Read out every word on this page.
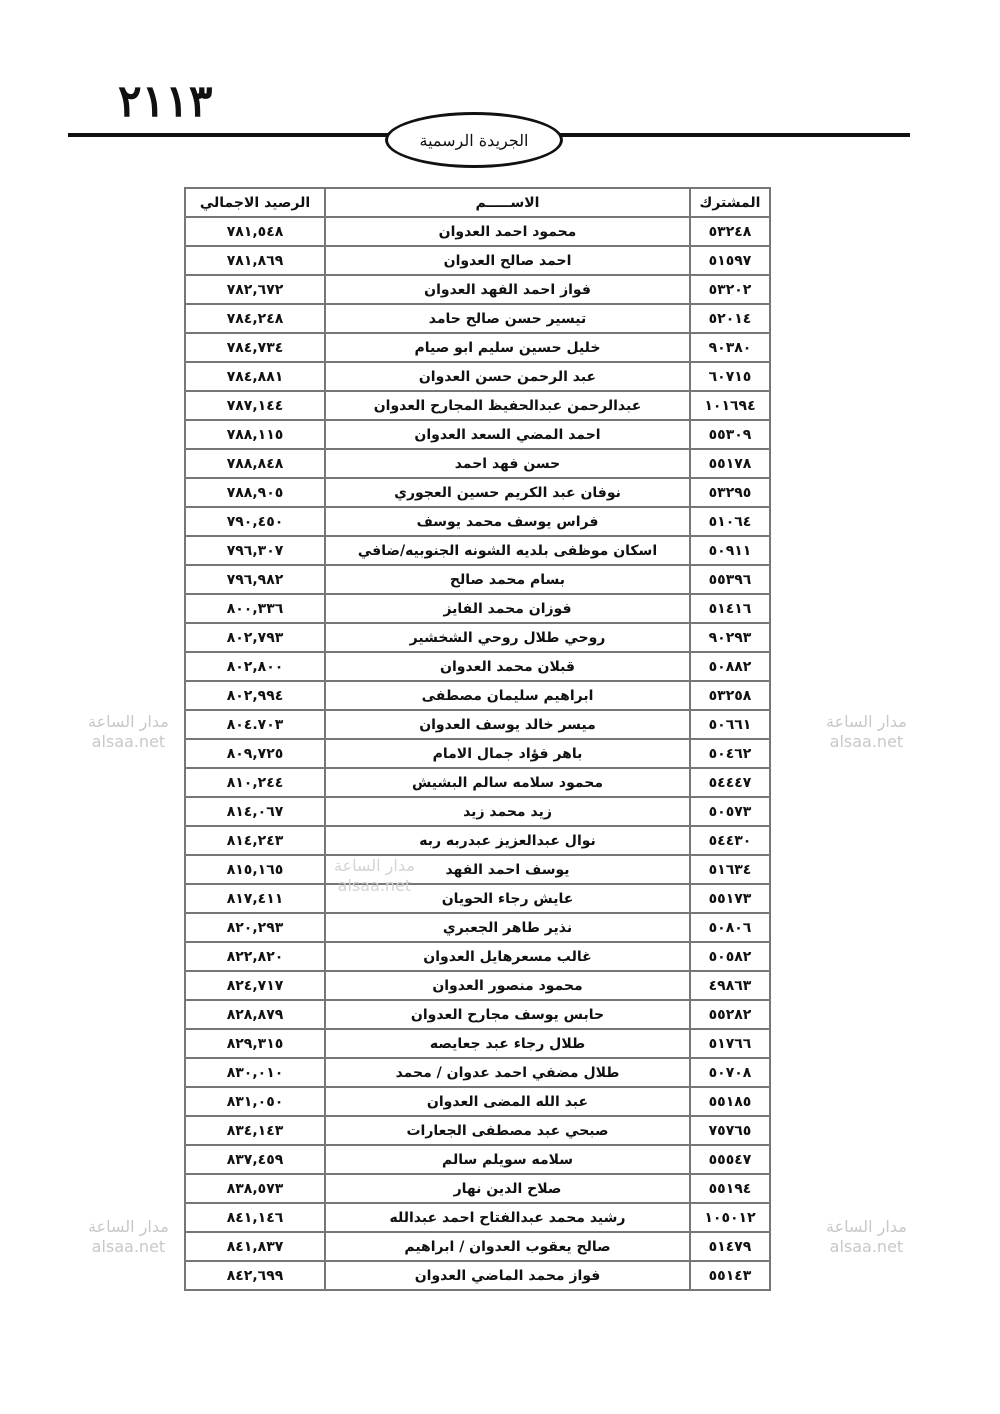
٢١١٣
الجريدة الرسمية
المشترك	الاســـــم	الرصيد الاجمالي
٥٣٢٤٨	محمود احمد العدوان	٧٨١,٥٤٨
٥١٥٩٧	احمد صالح العدوان	٧٨١,٨٦٩
٥٣٢٠٢	فواز احمد الفهد العدوان	٧٨٢,٦٧٢
٥٢٠١٤	تيسير حسن صالح حامد	٧٨٤,٢٤٨
٩٠٣٨٠	خليل حسين سليم ابو صيام	٧٨٤,٧٣٤
٦٠٧١٥	عبد الرحمن حسن العدوان	٧٨٤,٨٨١
١٠١٦٩٤	عبدالرحمن عبدالحفيظ المجارح العدوان	٧٨٧,١٤٤
٥٥٣٠٩	احمد المضي السعد العدوان	٧٨٨,١١٥
٥٥١٧٨	حسن فهد احمد	٧٨٨,٨٤٨
٥٣٢٩٥	نوفان عبد الكريم حسين العجوري	٧٨٨,٩٠٥
٥١٠٦٤	فراس يوسف محمد يوسف	٧٩٠,٤٥٠
٥٠٩١١	اسكان موظفى بلديه الشونه الجنوبيه/ضافي	٧٩٦,٣٠٧
٥٥٣٩٦	بسام محمد صالح	٧٩٦,٩٨٢
٥١٤١٦	فوزان محمد الفايز	٨٠٠,٣٣٦
٩٠٢٩٣	روحي طلال روحي الشخشير	٨٠٢,٧٩٣
٥٠٨٨٢	قبلان محمد العدوان	٨٠٢,٨٠٠
٥٣٢٥٨	ابراهيم سليمان مصطفى	٨٠٢,٩٩٤
٥٠٦٦١	ميسر خالد يوسف العدوان	٨٠٤.٧٠٣
٥٠٤٦٢	باهر فؤاد جمال الامام	٨٠٩,٧٢٥
٥٤٤٤٧	محمود سلامه سالم البشيش	٨١٠,٢٤٤
٥٠٥٧٣	زيد محمد زيد	٨١٤,٠٦٧
٥٤٤٣٠	نوال عبدالعزيز عبدربه ربه	٨١٤,٢٤٣
٥١٦٣٤	يوسف احمد الفهد	٨١٥,١٦٥
٥٥١٧٣	عايش رجاء الحويان	٨١٧,٤١١
٥٠٨٠٦	نذير طاهر الجعبري	٨٢٠,٢٩٣
٥٠٥٨٢	غالب مسعرهايل العدوان	٨٢٢,٨٢٠
٤٩٨٦٣	محمود منصور العدوان	٨٢٤,٧١٧
٥٥٢٨٢	حابس يوسف مجارح العدوان	٨٢٨,٨٧٩
٥١٧٦٦	طلال رجاء عبد جعايصه	٨٢٩,٣١٥
٥٠٧٠٨	طلال مضفي احمد عدوان / محمد	٨٣٠,٠١٠
٥٥١٨٥	عبد الله المضى العدوان	٨٣١,٠٥٠
٧٥٧٦٥	صبحي عبد مصطفى الجعارات	٨٣٤,١٤٣
٥٥٥٤٧	سلامه سويلم سالم	٨٣٧,٤٥٩
٥٥١٩٤	صلاح الدين نهار	٨٣٨,٥٧٣
١٠٥٠١٢	رشيد محمد عبدالفتاح احمد عبدالله	٨٤١,١٤٦
٥١٤٧٩	صالح يعقوب العدوان / ابراهيم	٨٤١,٨٣٧
٥٥١٤٣	فواز محمد الماضي العدوان	٨٤٢,٦٩٩
مدار الساعة
alsaa.net
مدار الساعة
alsaa.net
مدار الساعة
alsaa.net
مدار الساعة
alsaa.net
مدار الساعة
alsaa.net
